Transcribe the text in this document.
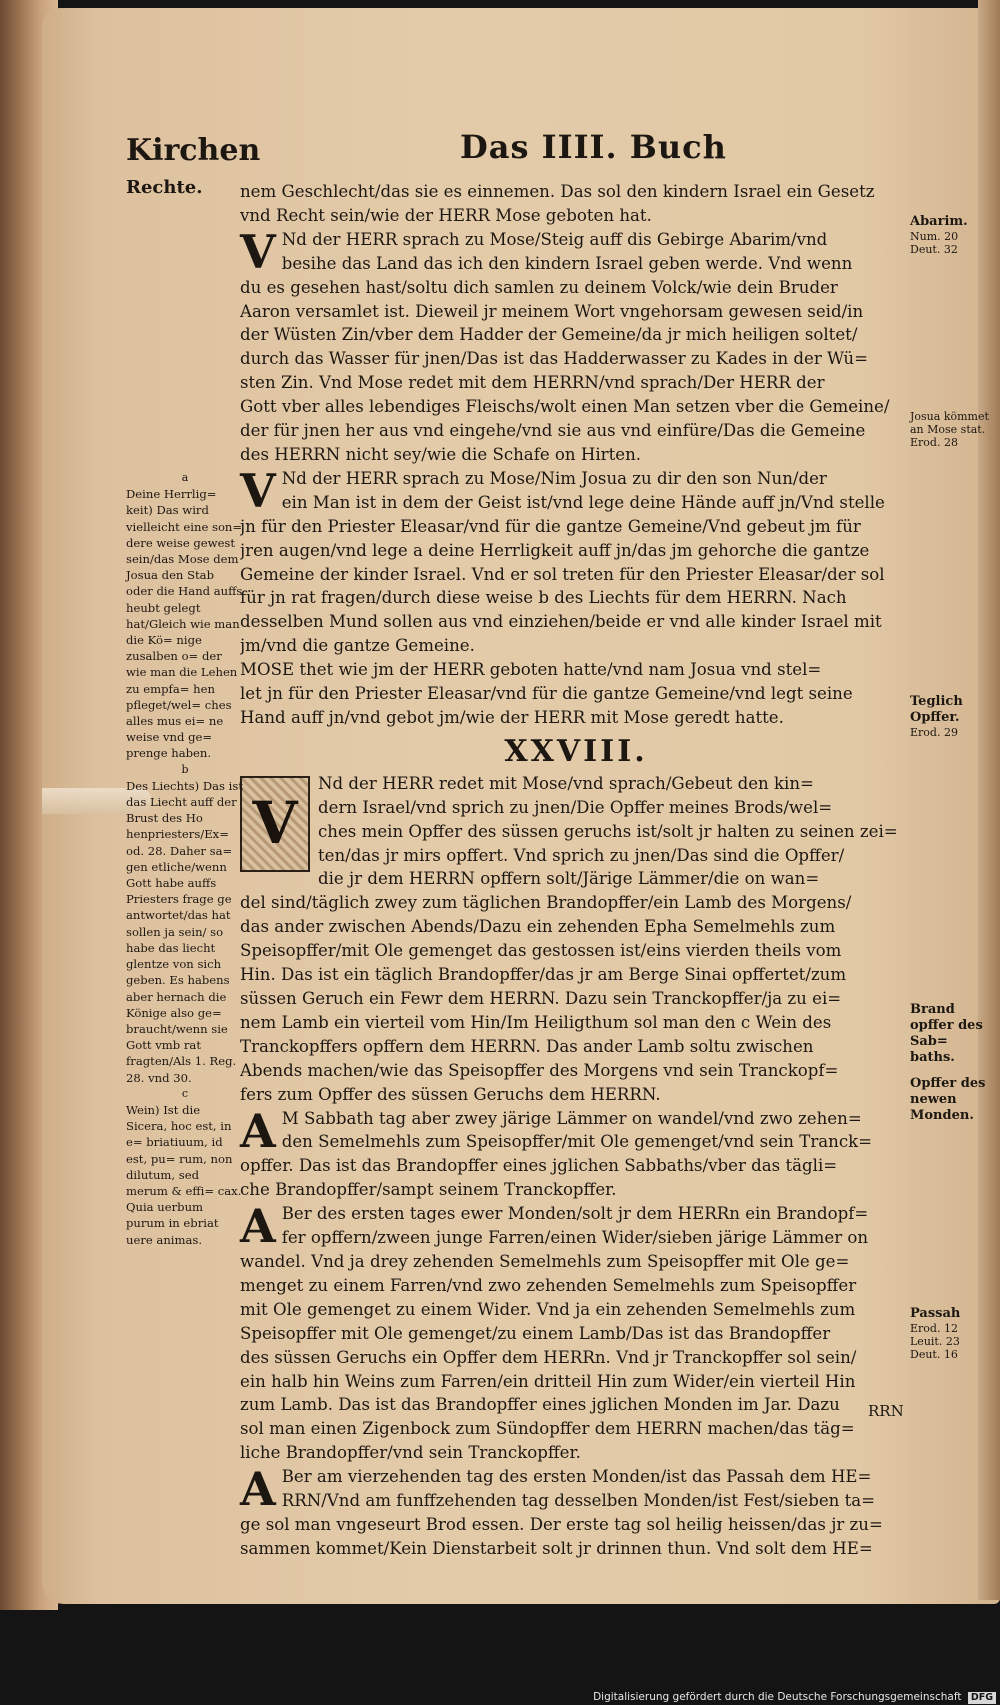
Kirchen
Rechte.
Das IIII. Buch
nem Geschlecht/das sie es einnemen. Das sol den kindern Israel ein Gesetz
vnd Recht sein/wie der HERR Mose geboten hat.
V Nd der HERR sprach zu Mose/Steig auff dis Gebirge Abarim/vnd
besihe das Land das ich den kindern Israel geben werde. Vnd wenn
du es gesehen hast/soltu dich samlen zu deinem Volck/wie dein Bruder
Aaron versamlet ist. Dieweil jr meinem Wort vngehorsam gewesen seid/in
der Wüsten Zin/vber dem Hadder der Gemeine/da jr mich heiligen soltet/
durch das Wasser für jnen/Das ist das Hadderwasser zu Kades in der Wü=
sten Zin. Vnd Mose redet mit dem HERRN/vnd sprach/Der HERR der
Gott vber alles lebendiges Fleischs/wolt einen Man setzen vber die Gemeine/
der für jnen her aus vnd eingehe/vnd sie aus vnd einfüre/Das die Gemeine
des HERRN nicht sey/wie die Schafe on Hirten.
V Nd der HERR sprach zu Mose/Nim Josua zu dir den son Nun/der
ein Man ist in dem der Geist ist/vnd lege deine Hände auff jn/Vnd stelle
jn für den Priester Eleasar/vnd für die gantze Gemeine/Vnd gebeut jm für
jren augen/vnd lege a deine Herrligkeit auff jn/das jm gehorche die gantze
Gemeine der kinder Israel. Vnd er sol treten für den Priester Eleasar/der sol
für jn rat fragen/durch diese weise b des Liechts für dem HERRN. Nach
desselben Mund sollen aus vnd einziehen/beide er vnd alle kinder Israel mit
jm/vnd die gantze Gemeine.
MOSE thet wie jm der HERR geboten hatte/vnd nam Josua vnd stel=
let jn für den Priester Eleasar/vnd für die gantze Gemeine/vnd legt seine
Hand auff jn/vnd gebot jm/wie der HERR mit Mose geredt hatte.
XXVIII.
V
Nd der HERR redet mit Mose/vnd sprach/Gebeut den kin=
dern Israel/vnd sprich zu jnen/Die Opffer meines Brods/wel=
ches mein Opffer des süssen geruchs ist/solt jr halten zu seinen zei=
ten/das jr mirs opffert. Vnd sprich zu jnen/Das sind die Opffer/
die jr dem HERRN opffern solt/Järige Lämmer/die on wan=
del sind/täglich zwey zum täglichen Brandopffer/ein Lamb des Morgens/
das ander zwischen Abends/Dazu ein zehenden Epha Semelmehls zum
Speisopffer/mit Ole gemenget das gestossen ist/eins vierden theils vom
Hin. Das ist ein täglich Brandopffer/das jr am Berge Sinai opffertet/zum
süssen Geruch ein Fewr dem HERRN. Dazu sein Tranckopffer/ja zu ei=
nem Lamb ein vierteil vom Hin/Im Heiligthum sol man den c Wein des
Tranckopffers opffern dem HERRN. Das ander Lamb soltu zwischen
Abends machen/wie das Speisopffer des Morgens vnd sein Tranckopf=
fers zum Opffer des süssen Geruchs dem HERRN.
A M Sabbath tag aber zwey järige Lämmer on wandel/vnd zwo zehen=
den Semelmehls zum Speisopffer/mit Ole gemenget/vnd sein Tranck=
opffer. Das ist das Brandopffer eines jglichen Sabbaths/vber das tägli=
che Brandopffer/sampt seinem Tranckopffer.
A Ber des ersten tages ewer Monden/solt jr dem HERRn ein Brandopf=
fer opffern/zween junge Farren/einen Wider/sieben järige Lämmer on
wandel. Vnd ja drey zehenden Semelmehls zum Speisopffer mit Ole ge=
menget zu einem Farren/vnd zwo zehenden Semelmehls zum Speisopffer
mit Ole gemenget zu einem Wider. Vnd ja ein zehenden Semelmehls zum
Speisopffer mit Ole gemenget/zu einem Lamb/Das ist das Brandopffer
des süssen Geruchs ein Opffer dem HERRn. Vnd jr Tranckopffer sol sein/
ein halb hin Weins zum Farren/ein dritteil Hin zum Wider/ein vierteil Hin
zum Lamb. Das ist das Brandopffer eines jglichen Monden im Jar. Dazu
sol man einen Zigenbock zum Sündopffer dem HERRN machen/das täg=
liche Brandopffer/vnd sein Tranckopffer.
A Ber am vierzehenden tag des ersten Monden/ist das Passah dem HE=
RRN/Vnd am funffzehenden tag desselben Monden/ist Fest/sieben ta=
ge sol man vngeseurt Brod essen. Der erste tag sol heilig heissen/das jr zu=
sammen kommet/Kein Dienstarbeit solt jr drinnen thun. Vnd solt dem HE=
RRN
a

Deine Herrlig= keit) Das wird vielleicht eine son= dere weise gewest sein/das Mose dem Josua den Stab oder die Hand auffs heubt gelegt hat/Gleich wie man die Kö= nige zusalben o= der wie man die Lehen zu empfa= hen pfleget/wel= ches alles mus ei= ne weise vnd ge= prenge haben.

b

Des Liechts) Das ist das Liecht auff der Brust des Ho henpriesters/Ex= od. 28. Daher sa= gen etliche/wenn Gott habe auffs Priesters frage ge antwortet/das hat sollen ja sein/ so habe das liecht glentze von sich geben. Es habens aber hernach die Könige also ge= braucht/wenn sie Gott vmb rat fragten/Als 1. Reg. 28. vnd 30.

c

Wein) Ist die Sicera, hoc est, in e= briatiuum, id est, pu= rum, non dilutum, sed merum & effi= cax. Quia uerbum purum in ebriat uere animas.

Abarim.
Num. 20 Deut. 32
Josua kömmet an Mose stat.
Erod. 28
Teglich Opffer.
Erod. 29
Brand opffer des Sab= baths.
Opffer des newen Monden.
Passah
Erod. 12 Leuit. 23 Deut. 16
Digitalisierung gefördert durch die Deutsche Forschungsgemeinschaft DFG
